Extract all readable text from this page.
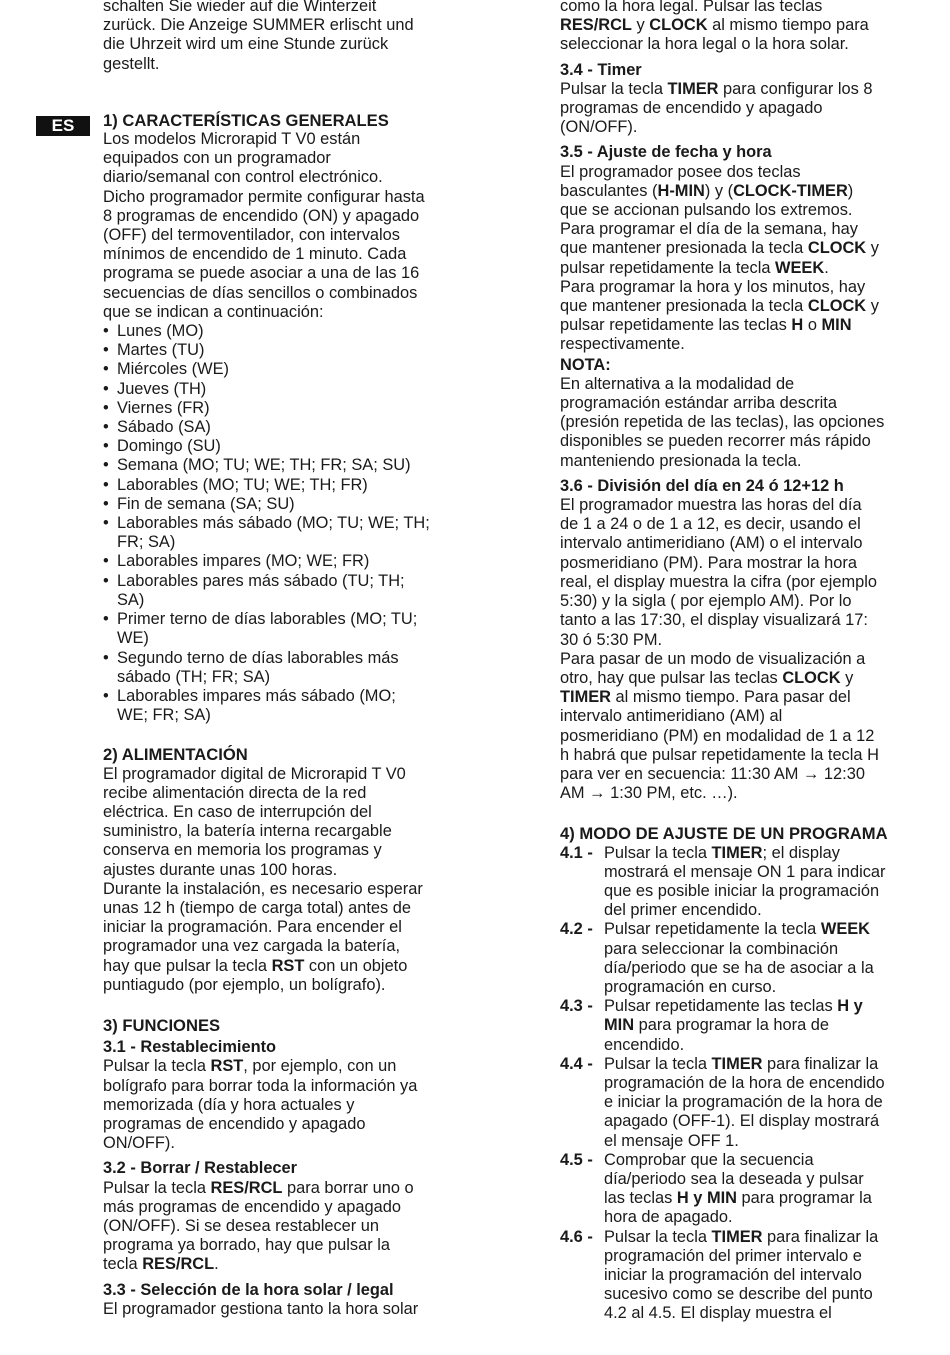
ES

schalten Sie wieder auf die Winterzeit
zurück. Die Anzeige SUMMER erlischt und
die Uhrzeit wird um eine Stunde zurück
gestellt.

1) CARACTERÍSTICAS GENERALES

Los modelos Microrapid T V0 están
equipados con un programador
diario/semanal con control electrónico.
Dicho programador permite configurar hasta
8 programas de encendido (ON) y apagado
(OFF) del termoventilador, con intervalos
mínimos de encendido de 1 minuto. Cada
programa se puede asociar a una de las 16
secuencias de días sencillos o combinados
que se indican a continuación:

• Lunes (MO)
• Martes (TU)
• Miércoles (WE)
• Jueves (TH)
• Viernes (FR)
• Sábado (SA)
• Domingo (SU)
• Semana (MO; TU; WE; TH; FR; SA; SU)
• Laborables (MO; TU; WE; TH; FR)
• Fin de semana (SA; SU)
• Laborables más sábado (MO; TU; WE; TH;
FR; SA)
• Laborables impares (MO; WE; FR)
• Laborables pares más sábado (TU; TH;
SA)
• Primer terno de días laborables (MO; TU;
WE)
• Segundo terno de días laborables más
sábado (TH; FR; SA)
• Laborables impares más sábado (MO;
WE; FR; SA)
2) ALIMENTACIÓN

El programador digital de Microrapid T V0
recibe alimentación directa de la red
eléctrica. En caso de interrupción del
suministro, la batería interna recargable
conserva en memoria los programas y
ajustes durante unas 100 horas.
Durante la instalación, es necesario esperar
unas 12 h (tiempo de carga total) antes de
iniciar la programación. Para encender el
programador una vez cargada la batería,
hay que pulsar la tecla RST con un objeto
puntiagudo (por ejemplo, un bolígrafo).

3) FUNCIONES
3.1 - Restablecimiento

Pulsar la tecla RST, por ejemplo, con un
bolígrafo para borrar toda la información ya
memorizada (día y hora actuales y
programas de encendido y apagado
ON/OFF).

3.2 - Borrar / Restablecer

Pulsar la tecla RES/RCL para borrar uno o
más programas de encendido y apagado
(ON/OFF). Si se desea restablecer un
programa ya borrado, hay que pulsar la
tecla RES/RCL.

3.3 - Selección de la hora solar / legal

El programador gestiona tanto la hora solar

como la hora legal. Pulsar las teclas
RES/RCL y CLOCK al mismo tiempo para
seleccionar la hora legal o la hora solar.

3.4 - Timer

Pulsar la tecla TIMER para configurar los 8
programas de encendido y apagado
(ON/OFF).

3.5 - Ajuste de fecha y hora

El programador posee dos teclas
basculantes (H-MIN) y (CLOCK-TIMER)
que se accionan pulsando los extremos.
Para programar el día de la semana, hay
que mantener presionada la tecla CLOCK y
pulsar repetidamente la tecla WEEK.
Para programar la hora y los minutos, hay
que mantener presionada la tecla CLOCK y
pulsar repetidamente las teclas H o MIN
respectivamente.

NOTA:

En alternativa a la modalidad de
programación estándar arriba descrita
(presión repetida de las teclas), las opciones
disponibles se pueden recorrer más rápido
manteniendo presionada la tecla.

3.6 - División del día en 24 ó 12+12 h

El programador muestra las horas del día
de 1 a 24 o de 1 a 12, es decir, usando el
intervalo antimeridiano (AM) o el intervalo
posmeridiano (PM). Para mostrar la hora
real, el display muestra la cifra (por ejemplo
5:30) y la sigla ( por ejemplo AM). Por lo
tanto a las 17:30, el display visualizará 17:
30 ó 5:30 PM.
Para pasar de un modo de visualización a
otro, hay que pulsar las teclas CLOCK y
TIMER al mismo tiempo. Para pasar del
intervalo antimeridiano (AM) al
posmeridiano (PM) en modalidad de 1 a 12
h habrá que pulsar repetidamente la tecla H
para ver en secuencia: 11:30 AM → 12:30
AM → 1:30 PM, etc. …).

4) MODO DE AJUSTE DE UN PROGRAMA
4.1 - Pulsar la tecla TIMER; el display
mostrará el mensaje ON 1 para indicar
que es posible iniciar la programación
del primer encendido.
4.2 - Pulsar repetidamente la tecla WEEK
para seleccionar la combinación
día/periodo que se ha de asociar a la
programación en curso.
4.3 - Pulsar repetidamente las teclas H y
MIN para programar la hora de
encendido.
4.4 - Pulsar la tecla TIMER para finalizar la
programación de la hora de encendido
e iniciar la programación de la hora de
apagado (OFF-1). El display mostrará
el mensaje OFF 1.
4.5 - Comprobar que la secuencia
día/periodo sea la deseada y pulsar
las teclas H y MIN para programar la
hora de apagado.
4.6 - Pulsar la tecla TIMER para finalizar la
programación del primer intervalo e
iniciar la programación del intervalo
sucesivo como se describe del punto
4.2 al 4.5. El display muestra el
